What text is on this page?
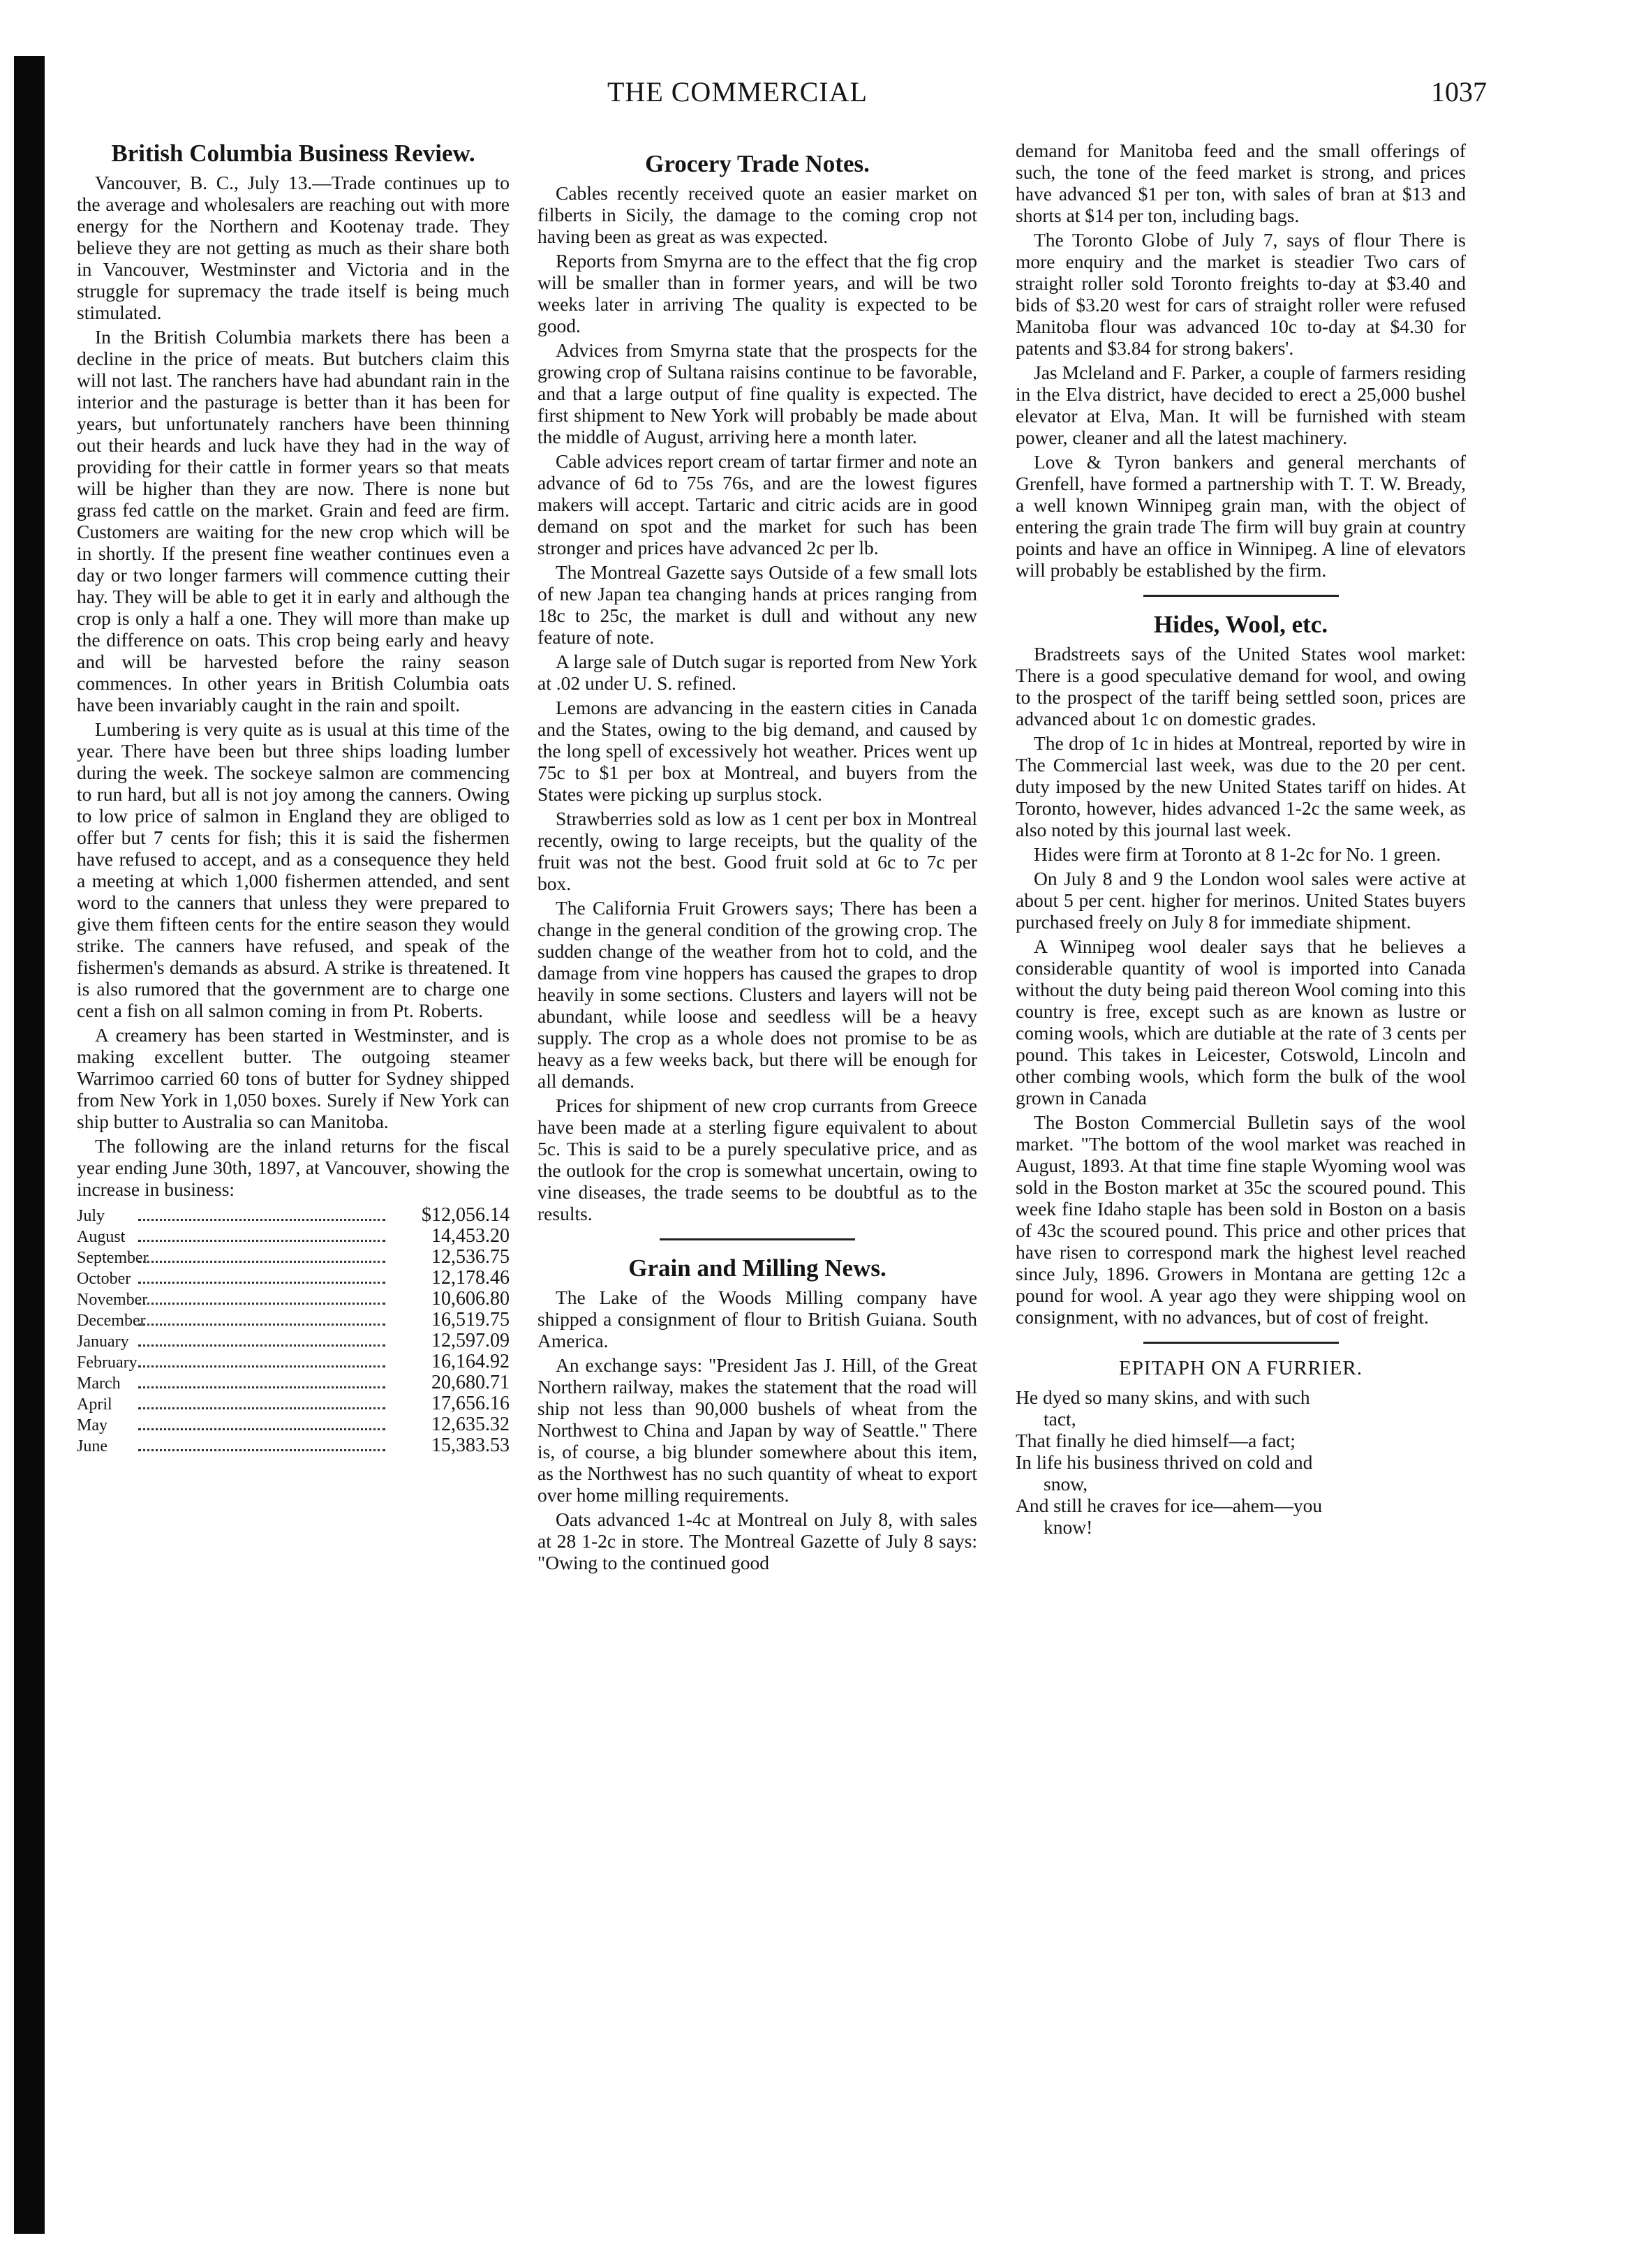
THE COMMERCIAL	1037
British Columbia Business Review.

Vancouver, B. C., July 13.—Trade continues up to the average and wholesalers are reaching out with more energy for the Northern and Kootenay trade. They believe they are not getting as much as their share both in Vancouver, Westminster and Victoria and in the struggle for supremacy the trade itself is being much stimulated.

In the British Columbia markets there has been a decline in the price of meats. But butchers claim this will not last. The ranchers have had abundant rain in the interior and the pasturage is better than it has been for years, but unfortunately ranchers have been thinning out their heards and luck have they had in the way of providing for their cattle in former years so that meats will be higher than they are now. There is none but grass fed cattle on the market. Grain and feed are firm. Customers are waiting for the new crop which will be in shortly. If the present fine weather continues even a day or two longer farmers will commence cutting their hay. They will be able to get it in early and although the crop is only a half a one. They will more than make up the difference on oats. This crop being early and heavy and will be harvested before the rainy season commences. In other years in British Columbia oats have been invariably caught in the rain and spoilt.

Lumbering is very quite as is usual at this time of the year. There have been but three ships loading lumber during the week. The sockeye salmon are commencing to run hard, but all is not joy among the canners. Owing to low price of salmon in England they are obliged to offer but 7 cents for fish; this it is said the fishermen have refused to accept, and as a consequence they held a meeting at which 1,000 fishermen attended, and sent word to the canners that unless they were prepared to give them fifteen cents for the entire season they would strike. The canners have refused, and speak of the fishermen's demands as absurd. A strike is threatened. It is also rumored that the government are to charge one cent a fish on all salmon coming in from Pt. Roberts.

A creamery has been started in Westminster, and is making excellent butter. The outgoing steamer Warrimoo carried 60 tons of butter for Sydney shipped from New York in 1,050 boxes. Surely if New York can ship butter to Australia so can Manitoba.

The following are the inland returns for the fiscal year ending June 30th, 1897, at Vancouver, showing the increase in business:

July	$12,056.14
August	14,453.20
September	12,536.75
October	12,178.46
November	10,606.80
December	16,519.75
January	12,597.09
February	16,164.92
March	20,680.71
April	17,656.16
May	12,635.32
June	15,383.53
Grocery Trade Notes.

Cables recently received quote an easier market on filberts in Sicily, the damage to the coming crop not having been as great as was expected.

Reports from Smyrna are to the effect that the fig crop will be smaller than in former years, and will be two weeks later in arriving The quality is expected to be good.

Advices from Smyrna state that the prospects for the growing crop of Sultana raisins continue to be favorable, and that a large output of fine quality is expected. The first shipment to New York will probably be made about the middle of August, arriving here a month later.

Cable advices report cream of tartar firmer and note an advance of 6d to 75s 76s, and are the lowest figures makers will accept. Tartaric and citric acids are in good demand on spot and the market for such has been stronger and prices have advanced 2c per lb.

The Montreal Gazette says Outside of a few small lots of new Japan tea changing hands at prices ranging from 18c to 25c, the market is dull and without any new feature of note.

A large sale of Dutch sugar is reported from New York at .02 under U. S. refined.

Lemons are advancing in the eastern cities in Canada and the States, owing to the big demand, and caused by the long spell of excessively hot weather. Prices went up 75c to $1 per box at Montreal, and buyers from the States were picking up surplus stock.

Strawberries sold as low as 1 cent per box in Montreal recently, owing to large receipts, but the quality of the fruit was not the best. Good fruit sold at 6c to 7c per box.

The California Fruit Growers says; There has been a change in the general condition of the growing crop. The sudden change of the weather from hot to cold, and the damage from vine hoppers has caused the grapes to drop heavily in some sections. Clusters and layers will not be abundant, while loose and seedless will be a heavy supply. The crop as a whole does not promise to be as heavy as a few weeks back, but there will be enough for all demands.

Prices for shipment of new crop currants from Greece have been made at a sterling figure equivalent to about 5c. This is said to be a purely speculative price, and as the outlook for the crop is somewhat uncertain, owing to vine diseases, the trade seems to be doubtful as to the results.

Grain and Milling News.

The Lake of the Woods Milling company have shipped a consignment of flour to British Guiana. South America.

An exchange says: "President Jas J. Hill, of the Great Northern railway, makes the statement that the road will ship not less than 90,000 bushels of wheat from the Northwest to China and Japan by way of Seattle." There is, of course, a big blunder somewhere about this item, as the Northwest has no such quantity of wheat to export over home milling requirements.

Oats advanced 1-4c at Montreal on July 8, with sales at 28 1-2c in store. The Montreal Gazette of July 8 says: "Owing to the continued good

demand for Manitoba feed and the small offerings of such, the tone of the feed market is strong, and prices have advanced $1 per ton, with sales of bran at $13 and shorts at $14 per ton, including bags.

The Toronto Globe of July 7, says of flour There is more enquiry and the market is steadier Two cars of straight roller sold Toronto freights to-day at $3.40 and bids of $3.20 west for cars of straight roller were refused Manitoba flour was advanced 10c to-day at $4.30 for patents and $3.84 for strong bakers'.

Jas Mcleland and F. Parker, a couple of farmers residing in the Elva district, have decided to erect a 25,000 bushel elevator at Elva, Man. It will be furnished with steam power, cleaner and all the latest machinery.

Love & Tyron bankers and general merchants of Grenfell, have formed a partnership with T. T. W. Bready, a well known Winnipeg grain man, with the object of entering the grain trade The firm will buy grain at country points and have an office in Winnipeg. A line of elevators will probably be established by the firm.

Hides, Wool, etc.

Bradstreets says of the United States wool market: There is a good speculative demand for wool, and owing to the prospect of the tariff being settled soon, prices are advanced about 1c on domestic grades.

The drop of 1c in hides at Montreal, reported by wire in The Commercial last week, was due to the 20 per cent. duty imposed by the new United States tariff on hides. At Toronto, however, hides advanced 1-2c the same week, as also noted by this journal last week.

Hides were firm at Toronto at 8 1-2c for No. 1 green.

On July 8 and 9 the London wool sales were active at about 5 per cent. higher for merinos. United States buyers purchased freely on July 8 for immediate shipment.

A Winnipeg wool dealer says that he believes a considerable quantity of wool is imported into Canada without the duty being paid thereon Wool coming into this country is free, except such as are known as lustre or coming wools, which are dutiable at the rate of 3 cents per pound. This takes in Leicester, Cotswold, Lincoln and other combing wools, which form the bulk of the wool grown in Canada

The Boston Commercial Bulletin says of the wool market. "The bottom of the wool market was reached in August, 1893. At that time fine staple Wyoming wool was sold in the Boston market at 35c the scoured pound. This week fine Idaho staple has been sold in Boston on a basis of 43c the scoured pound. This price and other prices that have risen to correspond mark the highest level reached since July, 1896. Growers in Montana are getting 12c a pound for wool. A year ago they were shipping wool on consignment, with no advances, but of cost of freight.

EPITAPH ON A FURRIER.

He dyed so many skins, and with such

tact,

That finally he died himself—a fact;

In life his business thrived on cold and

snow,

And still he craves for ice—ahem—you

know!
